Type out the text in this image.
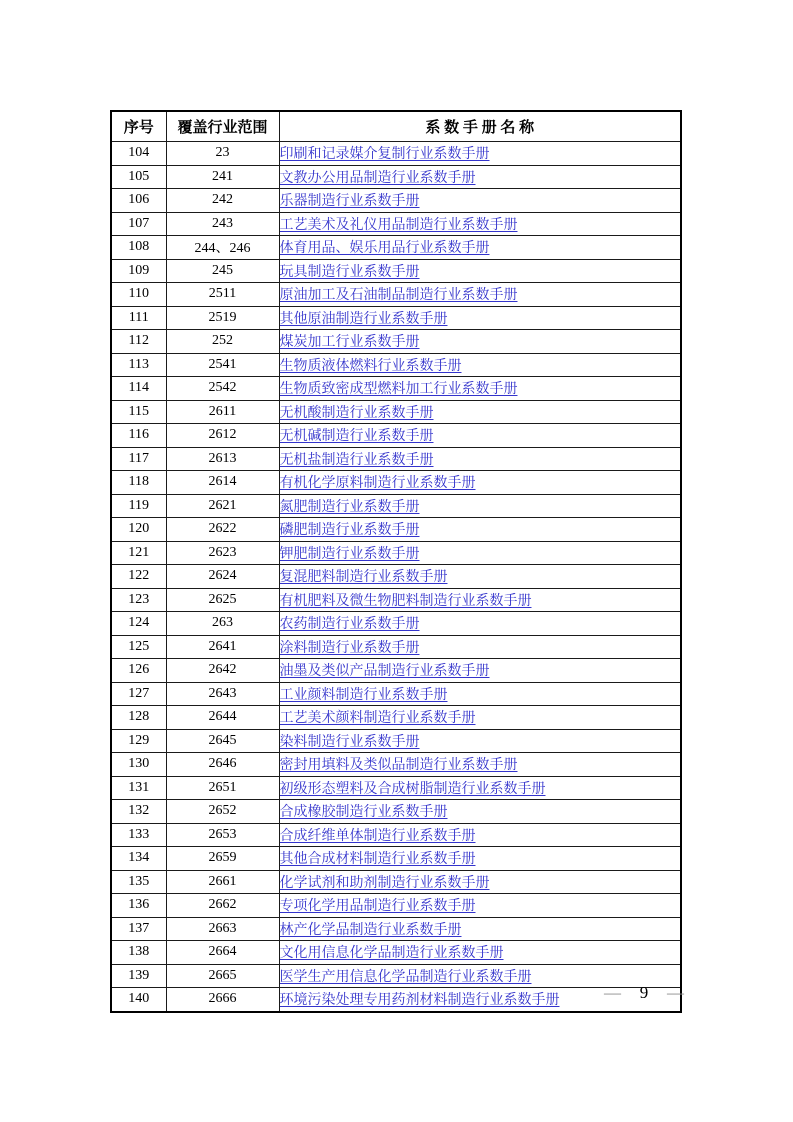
序号	覆盖行业范围	系 数 手 册 名 称
104	23	印刷和记录媒介复制行业系数手册
105	241	文教办公用品制造行业系数手册
106	242	乐器制造行业系数手册
107	243	工艺美术及礼仪用品制造行业系数手册
108	244、246	体育用品、娱乐用品行业系数手册
109	245	玩具制造行业系数手册
110	2511	原油加工及石油制品制造行业系数手册
111	2519	其他原油制造行业系数手册
112	252	煤炭加工行业系数手册
113	2541	生物质液体燃料行业系数手册
114	2542	生物质致密成型燃料加工行业系数手册
115	2611	无机酸制造行业系数手册
116	2612	无机碱制造行业系数手册
117	2613	无机盐制造行业系数手册
118	2614	有机化学原料制造行业系数手册
119	2621	氮肥制造行业系数手册
120	2622	磷肥制造行业系数手册
121	2623	钾肥制造行业系数手册
122	2624	复混肥料制造行业系数手册
123	2625	有机肥料及微生物肥料制造行业系数手册
124	263	农药制造行业系数手册
125	2641	涂料制造行业系数手册
126	2642	油墨及类似产品制造行业系数手册
127	2643	工业颜料制造行业系数手册
128	2644	工艺美术颜料制造行业系数手册
129	2645	染料制造行业系数手册
130	2646	密封用填料及类似品制造行业系数手册
131	2651	初级形态塑料及合成树脂制造行业系数手册
132	2652	合成橡胶制造行业系数手册
133	2653	合成纤维单体制造行业系数手册
134	2659	其他合成材料制造行业系数手册
135	2661	化学试剂和助剂制造行业系数手册
136	2662	专项化学用品制造行业系数手册
137	2663	林产化学品制造行业系数手册
138	2664	文化用信息化学品制造行业系数手册
139	2665	医学生产用信息化学品制造行业系数手册
140	2666	环境污染处理专用药剂材料制造行业系数手册	— 9 —
